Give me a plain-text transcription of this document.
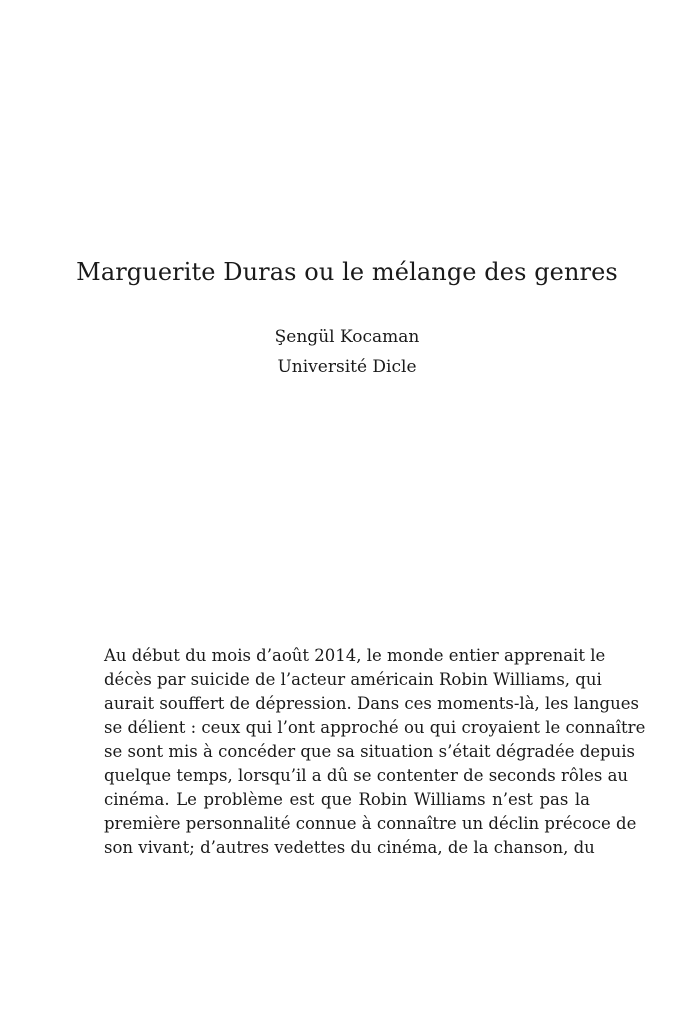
Marguerite Duras ou le mélange des genres
Şengül Kocaman
Université Dicle
Au début du mois d’août 2014, le monde entier apprenait le
décès par suicide de l’acteur américain Robin Williams, qui
aurait souffert de dépression. Dans ces moments-là, les langues
se délient : ceux qui l’ont approché ou qui croyaient le connaître
se sont mis à concéder que sa situation s’était dégradée depuis
quelque temps, lorsqu’il a dû se contenter de seconds rôles au
cinéma. Le problème est que Robin Williams n’est pas la
première personnalité connue à connaître un déclin précoce de
son vivant; d’autres vedettes du cinéma, de la chanson, du
